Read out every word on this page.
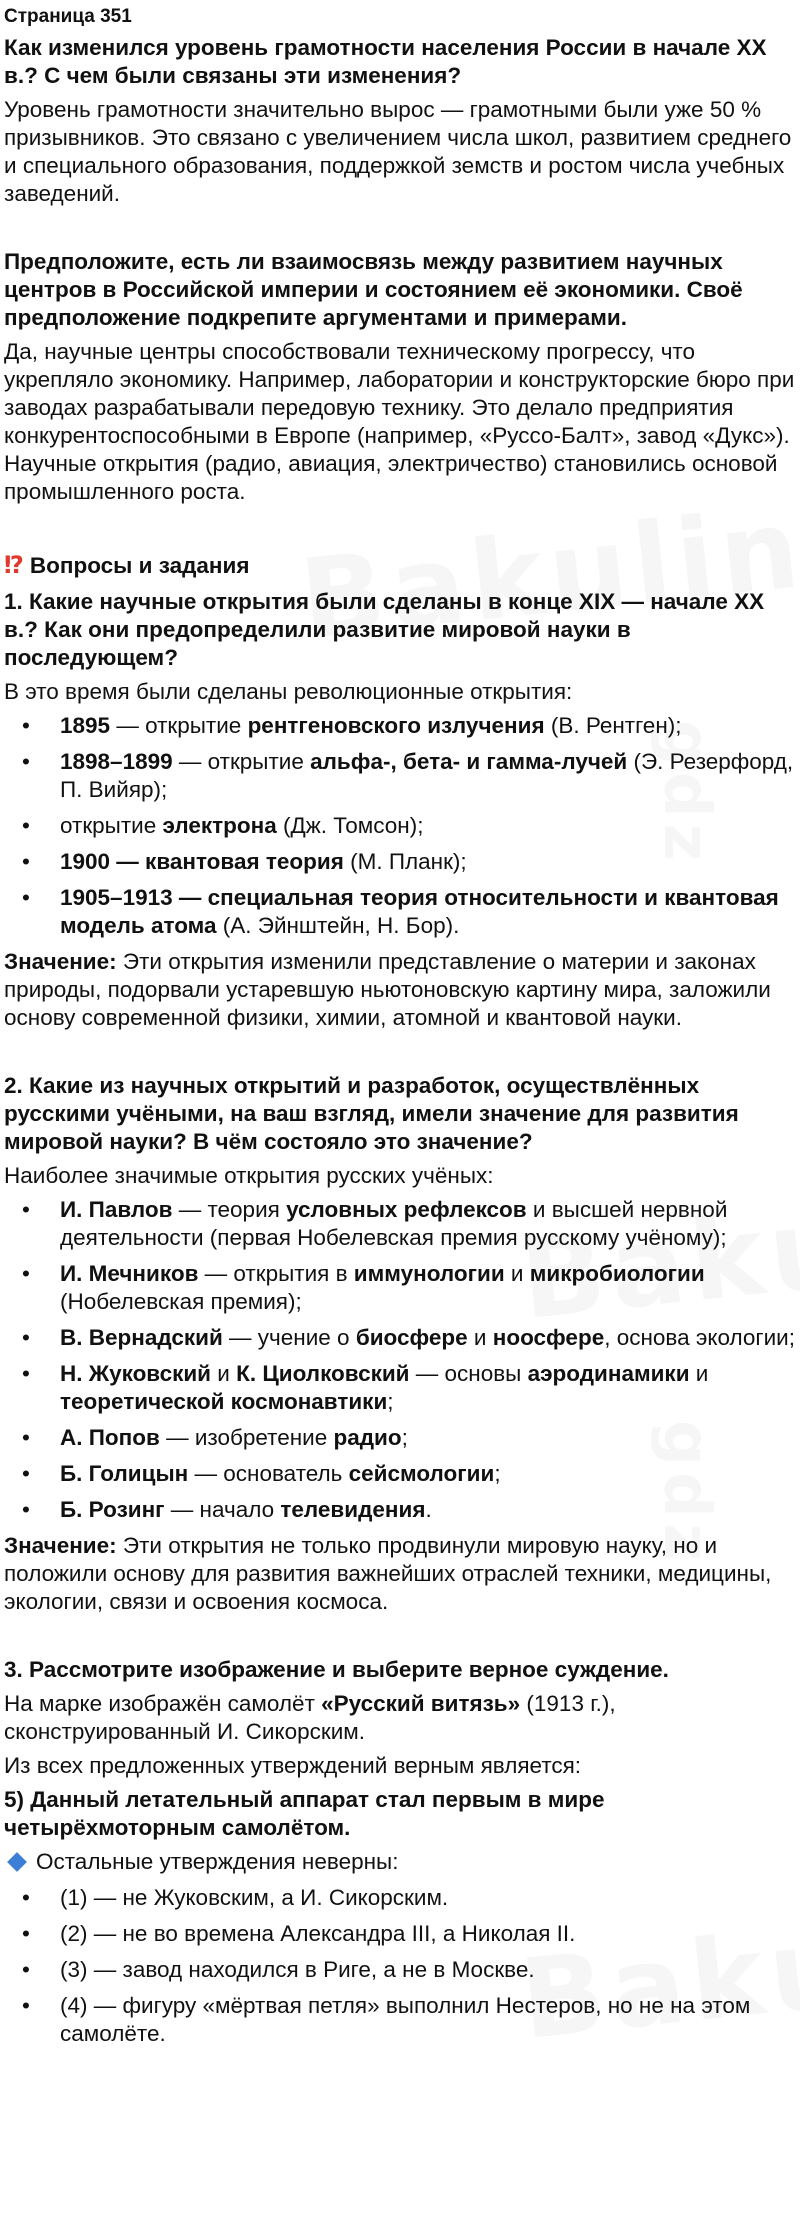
Страница 351
Как изменился уровень грамотности населения России в начале XX в.? С чем были связаны эти изменения?
Уровень грамотности значительно вырос — грамотными были уже 50 % призывников. Это связано с увеличением числа школ, развитием среднего и специального образования, поддержкой земств и ростом числа учебных заведений.
Предположите, есть ли взаимосвязь между развитием научных центров в Российской империи и состоянием её экономики. Своё предположение подкрепите аргументами и примерами.
Да, научные центры способствовали техническому прогрессу, что укрепляло экономику. Например, лаборатории и конструкторские бюро при заводах разрабатывали передовую технику. Это делало предприятия конкурентоспособными в Европе (например, «Руссо-Балт», завод «Дукс»). Научные открытия (радио, авиация, электричество) становились основой промышленного роста.
⁉ Вопросы и задания
1. Какие научные открытия были сделаны в конце XIX — начале XX в.? Как они предопределили развитие мировой науки в последующем?
В это время были сделаны революционные открытия:
• 1895 — открытие рентгеновского излучения (В. Рентген);
• 1898–1899 — открытие альфа-, бета- и гамма-лучей (Э. Резерфорд, П. Вийяр);
• открытие электрона (Дж. Томсон);
• 1900 — квантовая теория (М. Планк);
• 1905–1913 — специальная теория относительности и квантовая модель атома (А. Эйнштейн, Н. Бор).
Значение: Эти открытия изменили представление о материи и законах природы, подорвали устаревшую ньютоновскую картину мира, заложили основу современной физики, химии, атомной и квантовой науки.
2. Какие из научных открытий и разработок, осуществлённых русскими учёными, на ваш взгляд, имели значение для развития мировой науки? В чём состояло это значение?
Наиболее значимые открытия русских учёных:
• И. Павлов — теория условных рефлексов и высшей нервной деятельности (первая Нобелевская премия русскому учёному);
• И. Мечников — открытия в иммунологии и микробиологии (Нобелевская премия);
• В. Вернадский — учение о биосфере и ноосфере, основа экологии;
• Н. Жуковский и К. Циолковский — основы аэродинамики и теоретической космонавтики;
• А. Попов — изобретение радио;
• Б. Голицын — основатель сейсмологии;
• Б. Розинг — начало телевидения.
Значение: Эти открытия не только продвинули мировую науку, но и положили основу для развития важнейших отраслей техники, медицины, экологии, связи и освоения космоса.
3. Рассмотрите изображение и выберите верное суждение.
На марке изображён самолёт «Русский витязь» (1913 г.), сконструированный И. Сикорским.
Из всех предложенных утверждений верным является:
5) Данный летательный аппарат стал первым в мире четырёхмоторным самолётом.
Остальные утверждения неверны:
• (1) — не Жуковским, а И. Сикорским.
• (2) — не во времена Александра III, а Николая II.
• (3) — завод находился в Риге, а не в Москве.
• (4) — фигуру «мёртвая петля» выполнил Нестеров, но не на этом самолёте.
